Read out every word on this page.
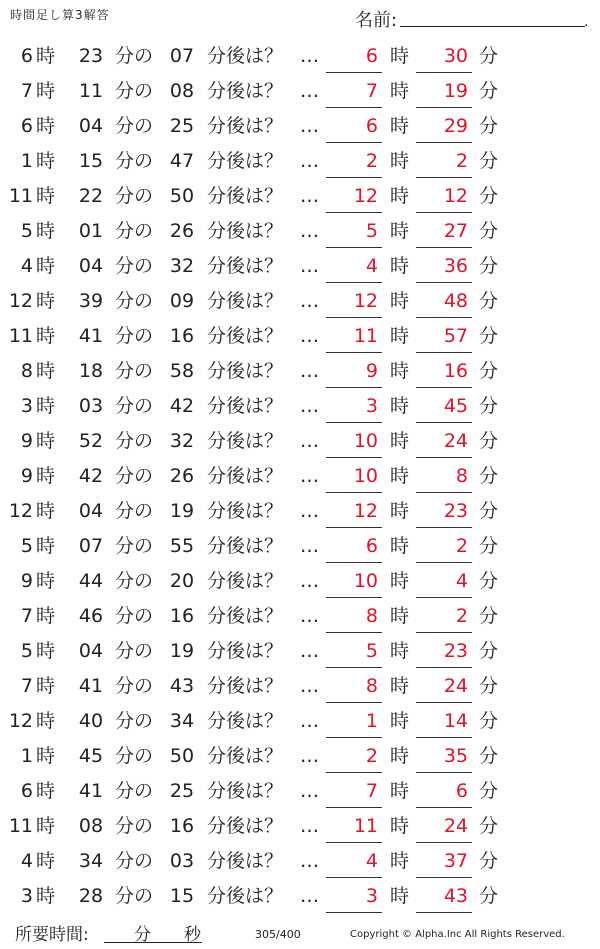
時間足し算3解答	名前:	.
6 時 23 分の 07 分後は？ …	6 時	30 分
7 時 11 分の 08 分後は？ …	7 時	19 分
6 時 04 分の 25 分後は？ …	6 時	29 分
1 時 15 分の 47 分後は？ …	2 時	2 分
11 時 22 分の 50 分後は？ …	12 時	12 分
5 時 01 分の 26 分後は？ …	5 時	27 分
4 時 04 分の 32 分後は？ …	4 時	36 分
12 時 39 分の 09 分後は？ …	12 時	48 分
11 時 41 分の 16 分後は？ …	11 時	57 分
8 時 18 分の 58 分後は？ …	9 時	16 分
3 時 03 分の 42 分後は？ …	3 時	45 分
9 時 52 分の 32 分後は？ …	10 時	24 分
9 時 42 分の 26 分後は？ …	10 時	8 分
12 時 04 分の 19 分後は？ …	12 時	23 分
5 時 07 分の 55 分後は？ …	6 時	2 分
9 時 44 分の 20 分後は？ …	10 時	4 分
7 時 46 分の 16 分後は？ …	8 時	2 分
5 時 04 分の 19 分後は？ …	5 時	23 分
7 時 41 分の 43 分後は？ …	8 時	24 分
12 時 40 分の 34 分後は？ …	1 時	14 分
1 時 45 分の 50 分後は？ …	2 時	35 分
6 時 41 分の 25 分後は？ …	7 時	6 分
11 時 08 分の 16 分後は？ …	11 時	24 分
4 時 34 分の 03 分後は？ …	4 時	37 分
3 時 28 分の 15 分後は？ …	3 時	43 分
所要時間:	分 秒	305/400	Copyright © Alpha.Inc All Rights Reserved.
